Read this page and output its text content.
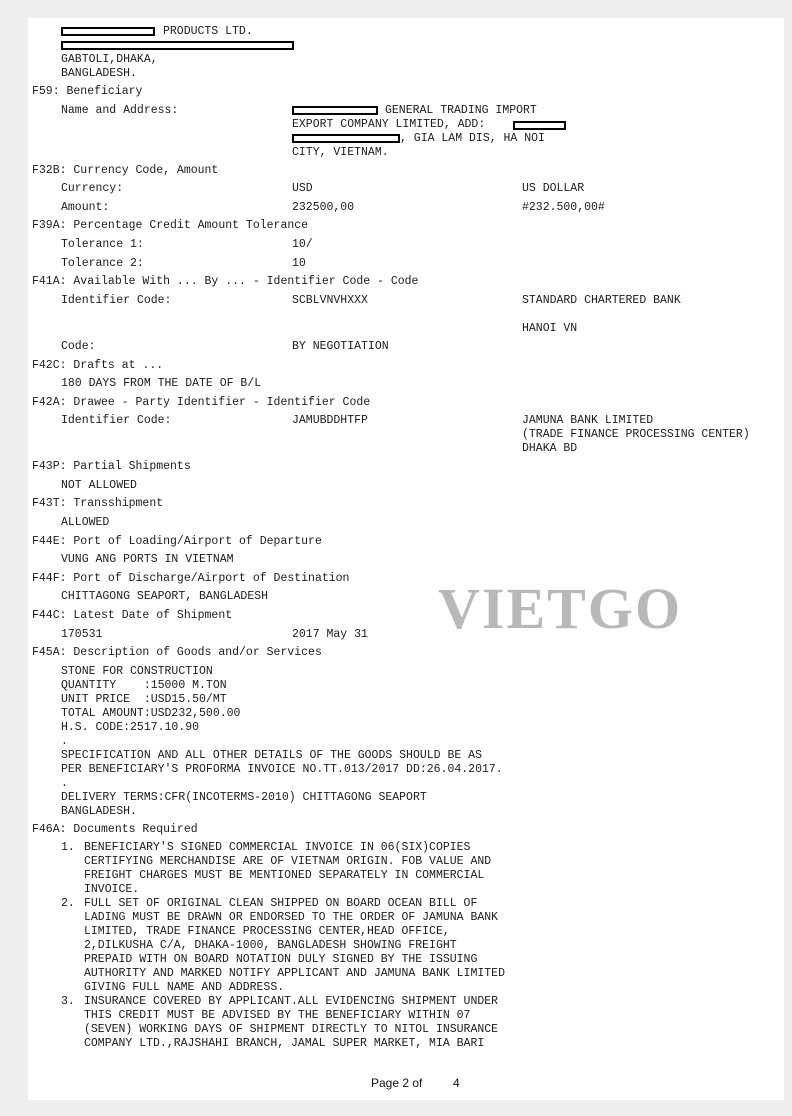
PRODUCTS LTD.
GABTOLI,DHAKA,
BANGLADESH.
F59: Beneficiary
Name and Address:	GENERAL TRADING IMPORT
EXPORT COMPANY LIMITED, ADD:
, GIA LAM DIS, HA NOI
CITY, VIETNAM.
F32B: Currency Code, Amount
Currency:	USD	US DOLLAR
Amount:	232500,00	#232.500,00#
F39A: Percentage Credit Amount Tolerance
Tolerance 1:	10/
Tolerance 2:	10
F41A: Available With ... By ... - Identifier Code - Code
Identifier Code:	SCBLVNVHXXX	STANDARD CHARTERED BANK
HANOI VN
Code:	BY NEGOTIATION
F42C: Drafts at ...
180 DAYS FROM THE DATE OF B/L
F42A: Drawee - Party Identifier - Identifier Code
Identifier Code:	JAMUBDDHTFP	JAMUNA BANK LIMITED
(TRADE FINANCE PROCESSING CENTER)
DHAKA BD
F43P: Partial Shipments
NOT ALLOWED
F43T: Transshipment
ALLOWED
F44E: Port of Loading/Airport of Departure
VUNG ANG PORTS IN VIETNAM
F44F: Port of Discharge/Airport of Destination
CHITTAGONG SEAPORT, BANGLADESH
F44C: Latest Date of Shipment
170531	2017 May 31 VIETGO
F45A: Description of Goods and/or Services
STONE FOR CONSTRUCTION
QUANTITY    :15000 M.TON
UNIT PRICE  :USD15.50/MT
TOTAL AMOUNT:USD232,500.00
H.S. CODE:2517.10.90
.
SPECIFICATION AND ALL OTHER DETAILS OF THE GOODS SHOULD BE AS
PER BENEFICIARY'S PROFORMA INVOICE NO.TT.013/2017 DD:26.04.2017.
.
DELIVERY TERMS:CFR(INCOTERMS-2010) CHITTAGONG SEAPORT
BANGLADESH.
F46A: Documents Required
1. BENEFICIARY'S SIGNED COMMERCIAL INVOICE IN 06(SIX)COPIES
CERTIFYING MERCHANDISE ARE OF VIETNAM ORIGIN. FOB VALUE AND
FREIGHT CHARGES MUST BE MENTIONED SEPARATELY IN COMMERCIAL
INVOICE.
2. FULL SET OF ORIGINAL CLEAN SHIPPED ON BOARD OCEAN BILL OF
LADING MUST BE DRAWN OR ENDORSED TO THE ORDER OF JAMUNA BANK
LIMITED, TRADE FINANCE PROCESSING CENTER,HEAD OFFICE,
2,DILKUSHA C/A, DHAKA-1000, BANGLADESH SHOWING FREIGHT
PREPAID WITH ON BOARD NOTATION DULY SIGNED BY THE ISSUING
AUTHORITY AND MARKED NOTIFY APPLICANT AND JAMUNA BANK LIMITED
GIVING FULL NAME AND ADDRESS.
3. INSURANCE COVERED BY APPLICANT.ALL EVIDENCING SHIPMENT UNDER
THIS CREDIT MUST BE ADVISED BY THE BENEFICIARY WITHIN 07
(SEVEN) WORKING DAYS OF SHIPMENT DIRECTLY TO NITOL INSURANCE
COMPANY LTD.,RAJSHAHI BRANCH, JAMAL SUPER MARKET, MIA BARI
Page 2 of	4
